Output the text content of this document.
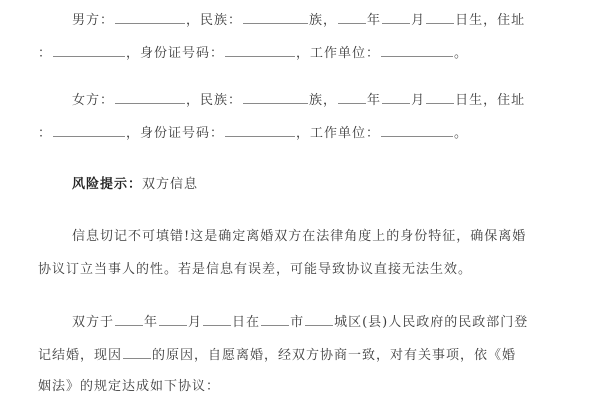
男方：	，民族：	族， 年 月 日生，住址
：	，身份证号码：	，工作单位：	。
女方：	，民族：	族， 年 月 日生，住址
：	，身份证号码：	，工作单位：	。
风险提示：双方信息
信息切记不可填错!这是确定离婚双方在法律角度上的身份特征，确保离婚
协议订立当事人的性。若是信息有误差，可能导致协议直接无法生效。
双方于 年 月 日在 市 城区(县)人民政府的民政部门登
记结婚，现因 的原因，自愿离婚，经双方协商一致，对有关事项，依《婚
姻法》的规定达成如下协议：
